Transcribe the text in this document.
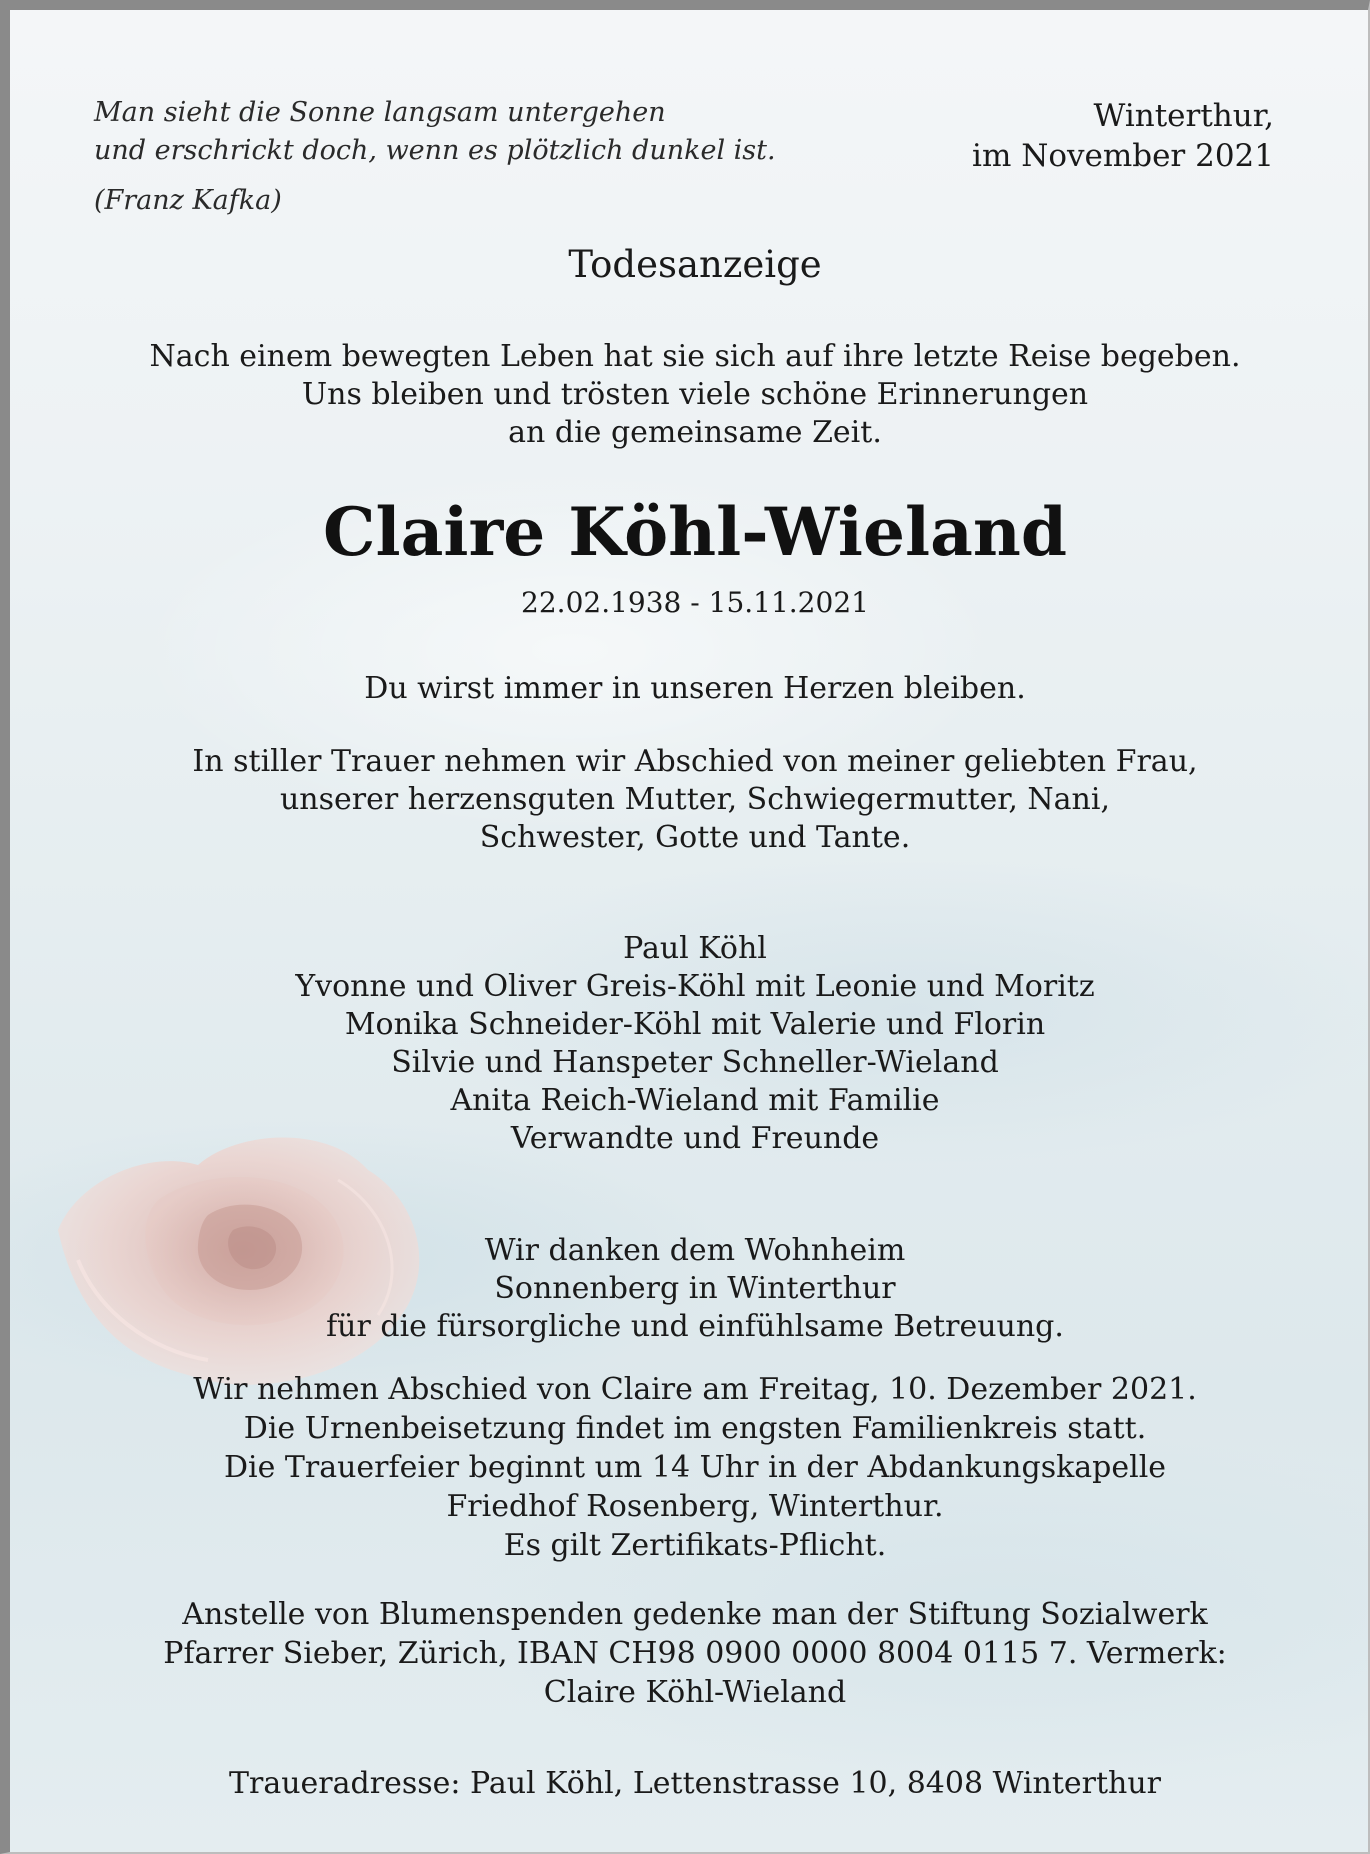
Man sieht die Sonne langsam untergehen
und erschrickt doch, wenn es plötzlich dunkel ist.
(Franz Kafka)
Winterthur,
im November 2021
Todesanzeige
Nach einem bewegten Leben hat sie sich auf ihre letzte Reise begeben.
Uns bleiben und trösten viele schöne Erinnerungen
an die gemeinsame Zeit.
Claire Köhl-Wieland
22.02.1938 - 15.11.2021
Du wirst immer in unseren Herzen bleiben.
In stiller Trauer nehmen wir Abschied von meiner geliebten Frau,
unserer herzensguten Mutter, Schwiegermutter, Nani,
Schwester, Gotte und Tante.
Paul Köhl
Yvonne und Oliver Greis-Köhl mit Leonie und Moritz
Monika Schneider-Köhl mit Valerie und Florin
Silvie und Hanspeter Schneller-Wieland
Anita Reich-Wieland mit Familie
Verwandte und Freunde
Wir danken dem Wohnheim
Sonnenberg in Winterthur
für die fürsorgliche und einfühlsame Betreuung.
Wir nehmen Abschied von Claire am Freitag, 10. Dezember 2021.
Die Urnenbeisetzung findet im engsten Familienkreis statt.
Die Trauerfeier beginnt um 14 Uhr in der Abdankungskapelle
Friedhof Rosenberg, Winterthur.
Es gilt Zertifikats-Pflicht.
Anstelle von Blumenspenden gedenke man der Stiftung Sozialwerk
Pfarrer Sieber, Zürich, IBAN CH98 0900 0000 8004 0115 7. Vermerk:
Claire Köhl-Wieland
Traueradresse: Paul Köhl, Lettenstrasse 10, 8408 Winterthur
